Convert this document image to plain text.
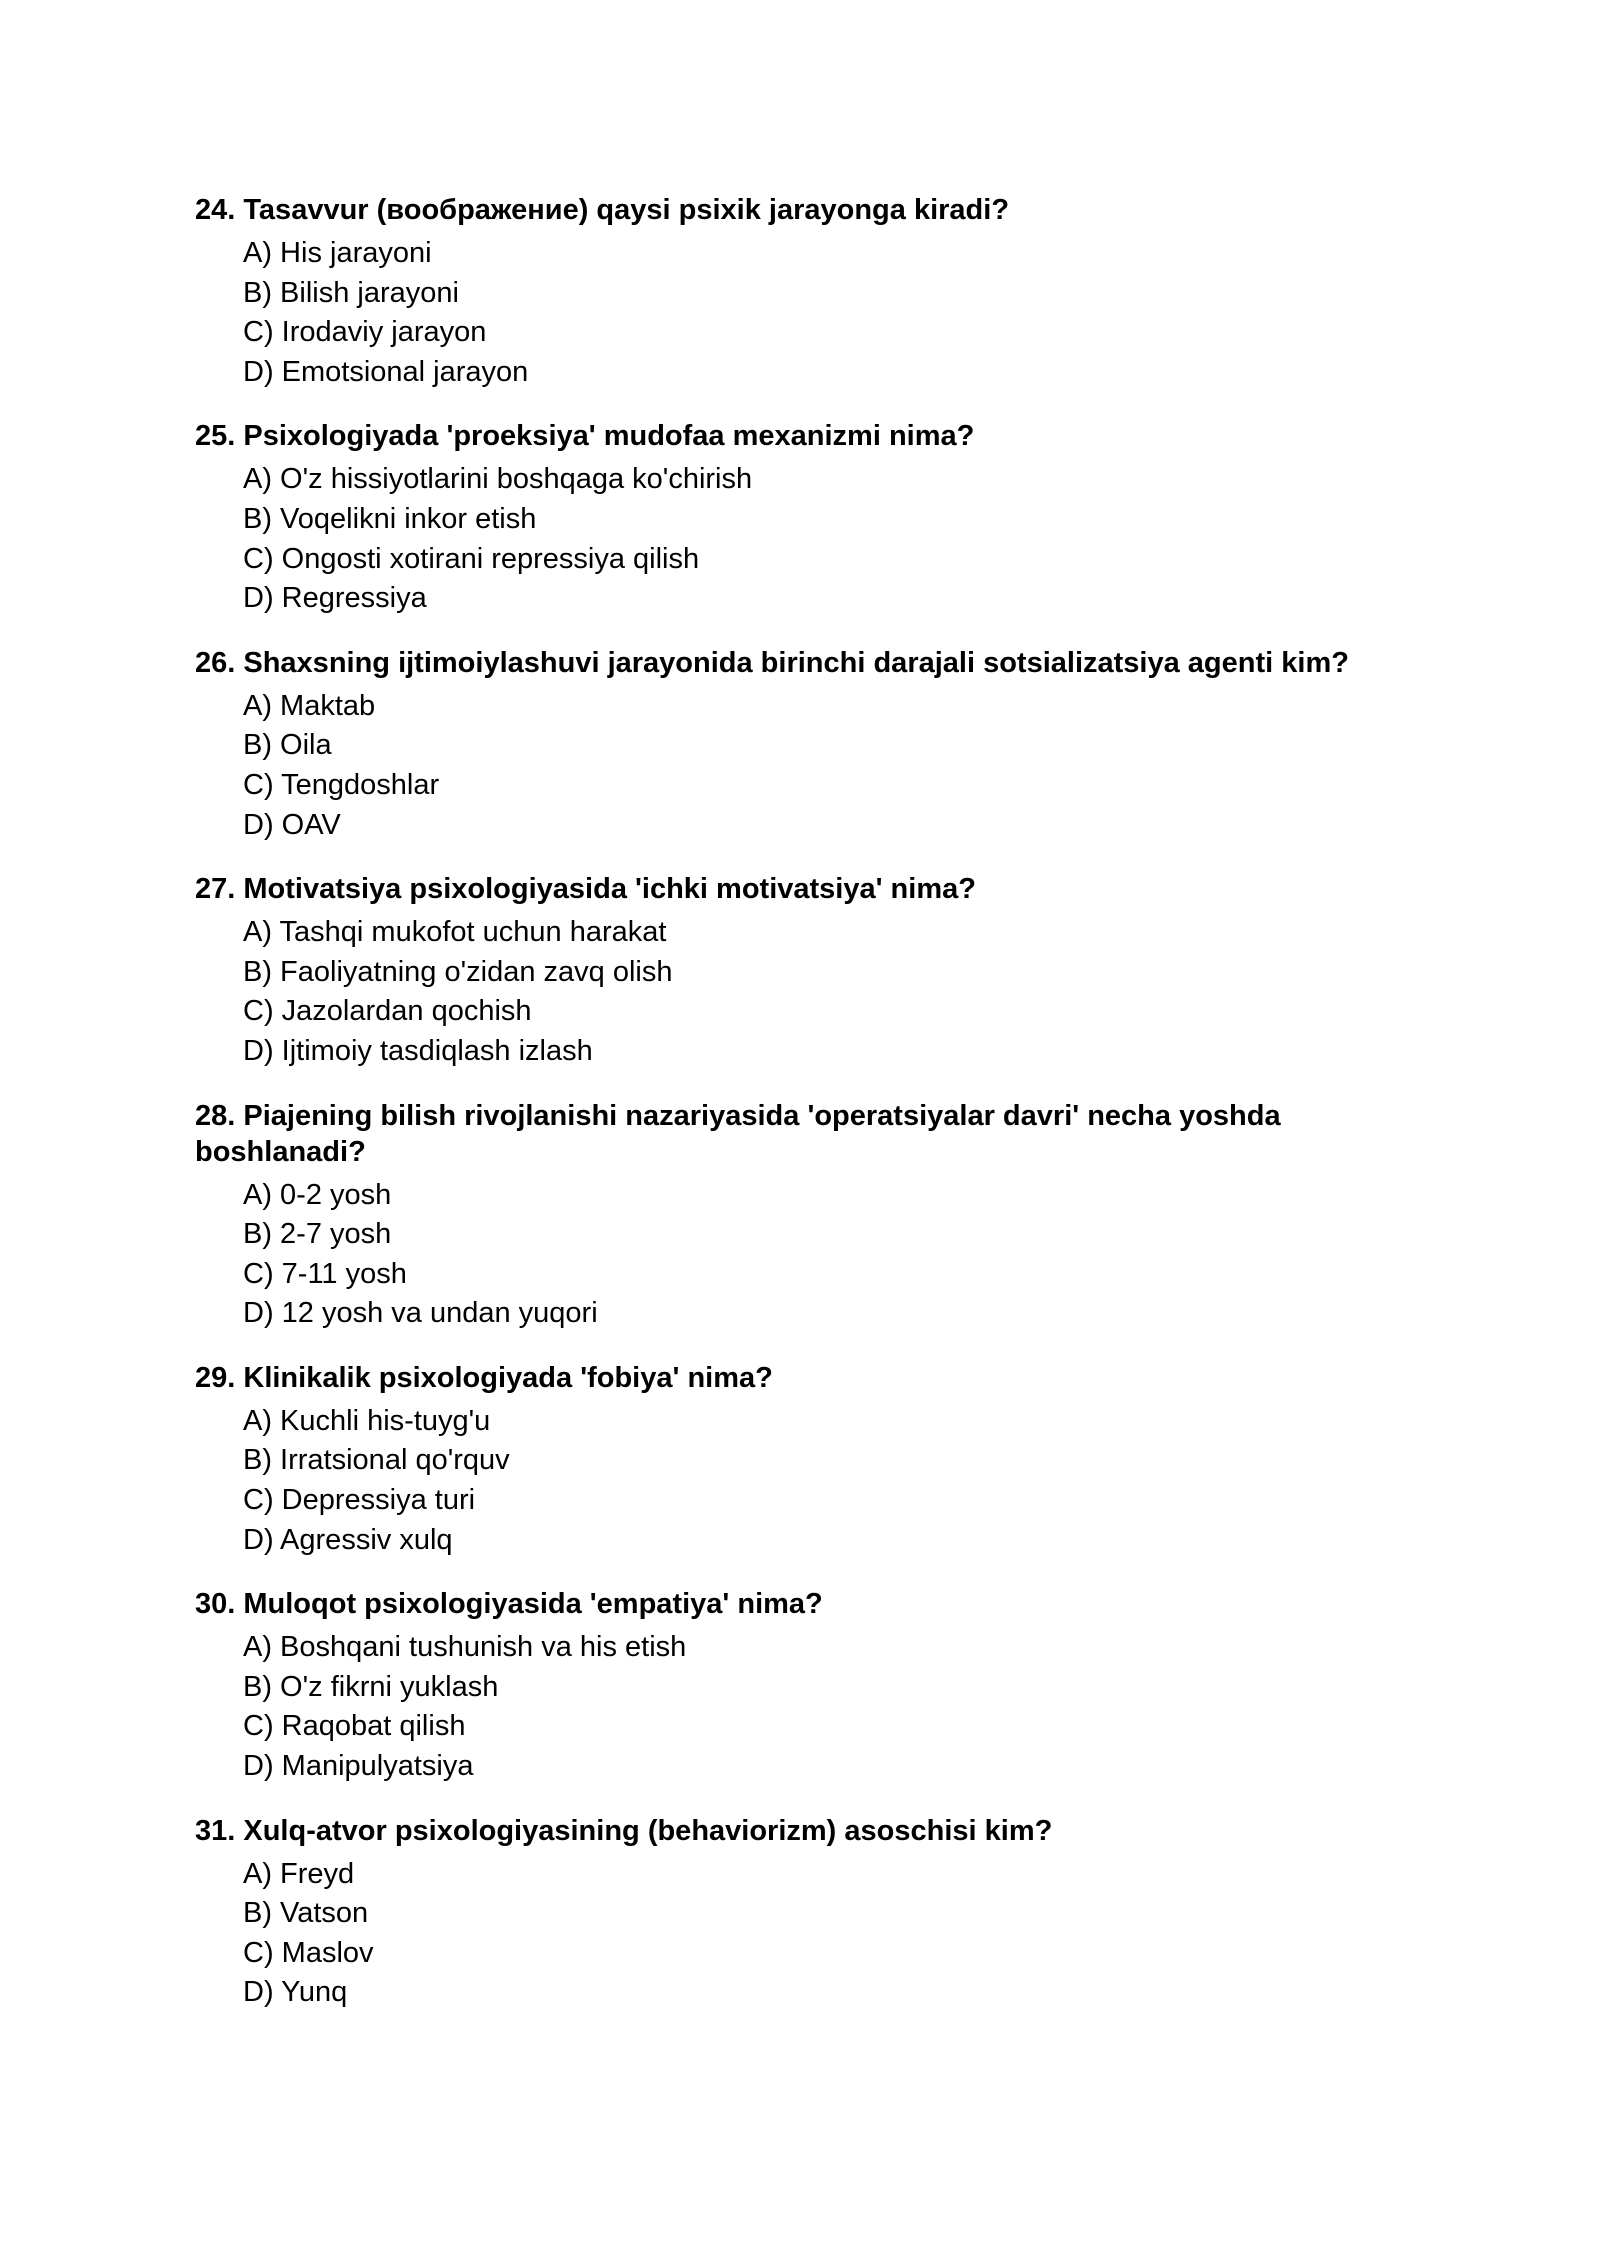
24. Tasavvur (воображение) qaysi psixik jarayonga kiradi?
A) His jarayoni
B) Bilish jarayoni
C) Irodaviy jarayon
D) Emotsional jarayon
25. Psixologiyada 'proeksiya' mudofaa mexanizmi nima?
A) O'z hissiyotlarini boshqaga ko'chirish
B) Voqelikni inkor etish
C) Ongosti xotirani repressiya qilish
D) Regressiya
26. Shaxsning ijtimoiylashuvi jarayonida birinchi darajali sotsializatsiya agenti kim?
A) Maktab
B) Oila
C) Tengdoshlar
D) OAV
27. Motivatsiya psixologiyasida 'ichki motivatsiya' nima?
A) Tashqi mukofot uchun harakat
B) Faoliyatning o'zidan zavq olish
C) Jazolardan qochish
D) Ijtimoiy tasdiqlash izlash
28. Piajening bilish rivojlanishi nazariyasida 'operatsiyalar davri' necha yoshda boshlanadi?
A) 0-2 yosh
B) 2-7 yosh
C) 7-11 yosh
D) 12 yosh va undan yuqori
29. Klinikalik psixologiyada 'fobiya' nima?
A) Kuchli his-tuyg'u
B) Irratsional qo'rquv
C) Depressiya turi
D) Agressiv xulq
30. Muloqot psixologiyasida 'empatiya' nima?
A) Boshqani tushunish va his etish
B) O'z fikrni yuklash
C) Raqobat qilish
D) Manipulyatsiya
31. Xulq-atvor psixologiyasining (behaviorizm) asoschisi kim?
A) Freyd
B) Vatson
C) Maslov
D) Yunq
